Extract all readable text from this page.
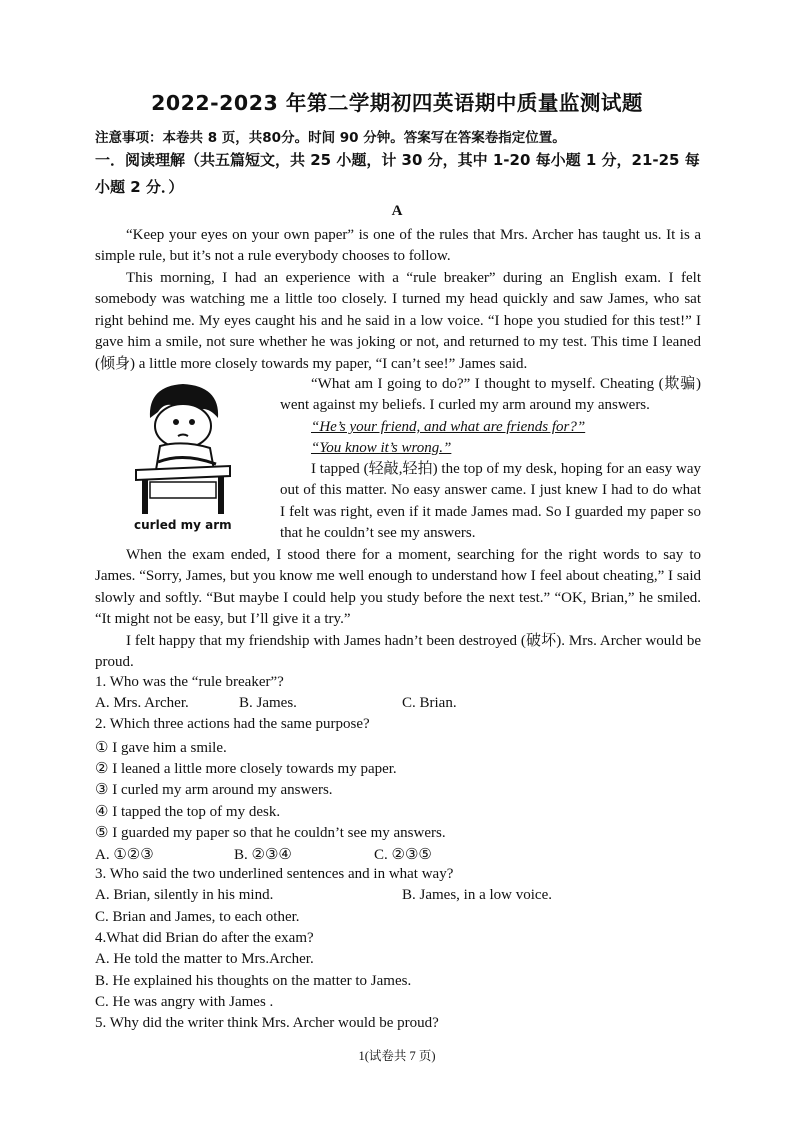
2022-2023 年第二学期初四英语期中质量监测试题
注意事项：本卷共 8 页，共80分。时间 90 分钟。答案写在答案卷指定位置。
一．阅读理解（共五篇短文，共 25 小题，计 30 分，其中 1-20 每小题 1 分，21-25 每小题 2 分．）
A
“Keep your eyes on your own paper” is one of the rules that Mrs. Archer has taught us. It is a simple rule, but it’s not a rule everybody chooses to follow.
This morning, I had an experience with a “rule breaker” during an English exam. I felt somebody was watching me a little too closely. I turned my head quickly and saw James, who sat right behind me. My eyes caught his and he said in a low voice. “I hope you studied for this test!” I gave him a smile, not sure whether he was joking or not, and returned to my test. This time I leaned (倾身) a little more closely towards my paper, “I can’t see!” James said.
curled my arm
“What am I going to do?” I thought to myself. Cheating (欺骗) went against my beliefs. I curled my arm around my answers.
“He’s your friend, and what are friends for?”
“You know it’s wrong.”
I tapped (轻敲,轻拍) the top of my desk, hoping for an easy way out of this matter. No easy answer came. I just knew I had to do what I felt was right, even if it made James mad. So I guarded my paper so that he couldn’t see my answers.
When the exam ended, I stood there for a moment, searching for the right words to say to James. “Sorry, James, but you know me well enough to understand how I feel about cheating,” I said slowly and softly. “But maybe I could help you study before the next test.” “OK, Brian,” he smiled. “It might not be easy, but I’ll give it a try.”
I felt happy that my friendship with James hadn’t been destroyed (破坏). Mrs. Archer would be proud.
1. Who was the “rule breaker”?
A. Mrs. Archer.	B. James.	C. Brian.
2. Which three actions had the same purpose?
① I gave him a smile.
② I leaned a little more closely towards my paper.
③ I curled my arm around my answers.
④ I tapped the top of my desk.
⑤ I guarded my paper so that he couldn’t see my answers.
A. ①②③	B. ②③④	C. ②③⑤
3. Who said the two underlined sentences and in what way?
A. Brian, silently in his mind.	B. James, in a low voice.
C. Brian and James, to each other.
4.What did Brian do after the exam?
A. He told the matter to Mrs.Archer.
B. He explained his thoughts on the matter to James.
C. He was angry with James .
5. Why did the writer think Mrs. Archer would be proud?
1(试卷共 7 页)
